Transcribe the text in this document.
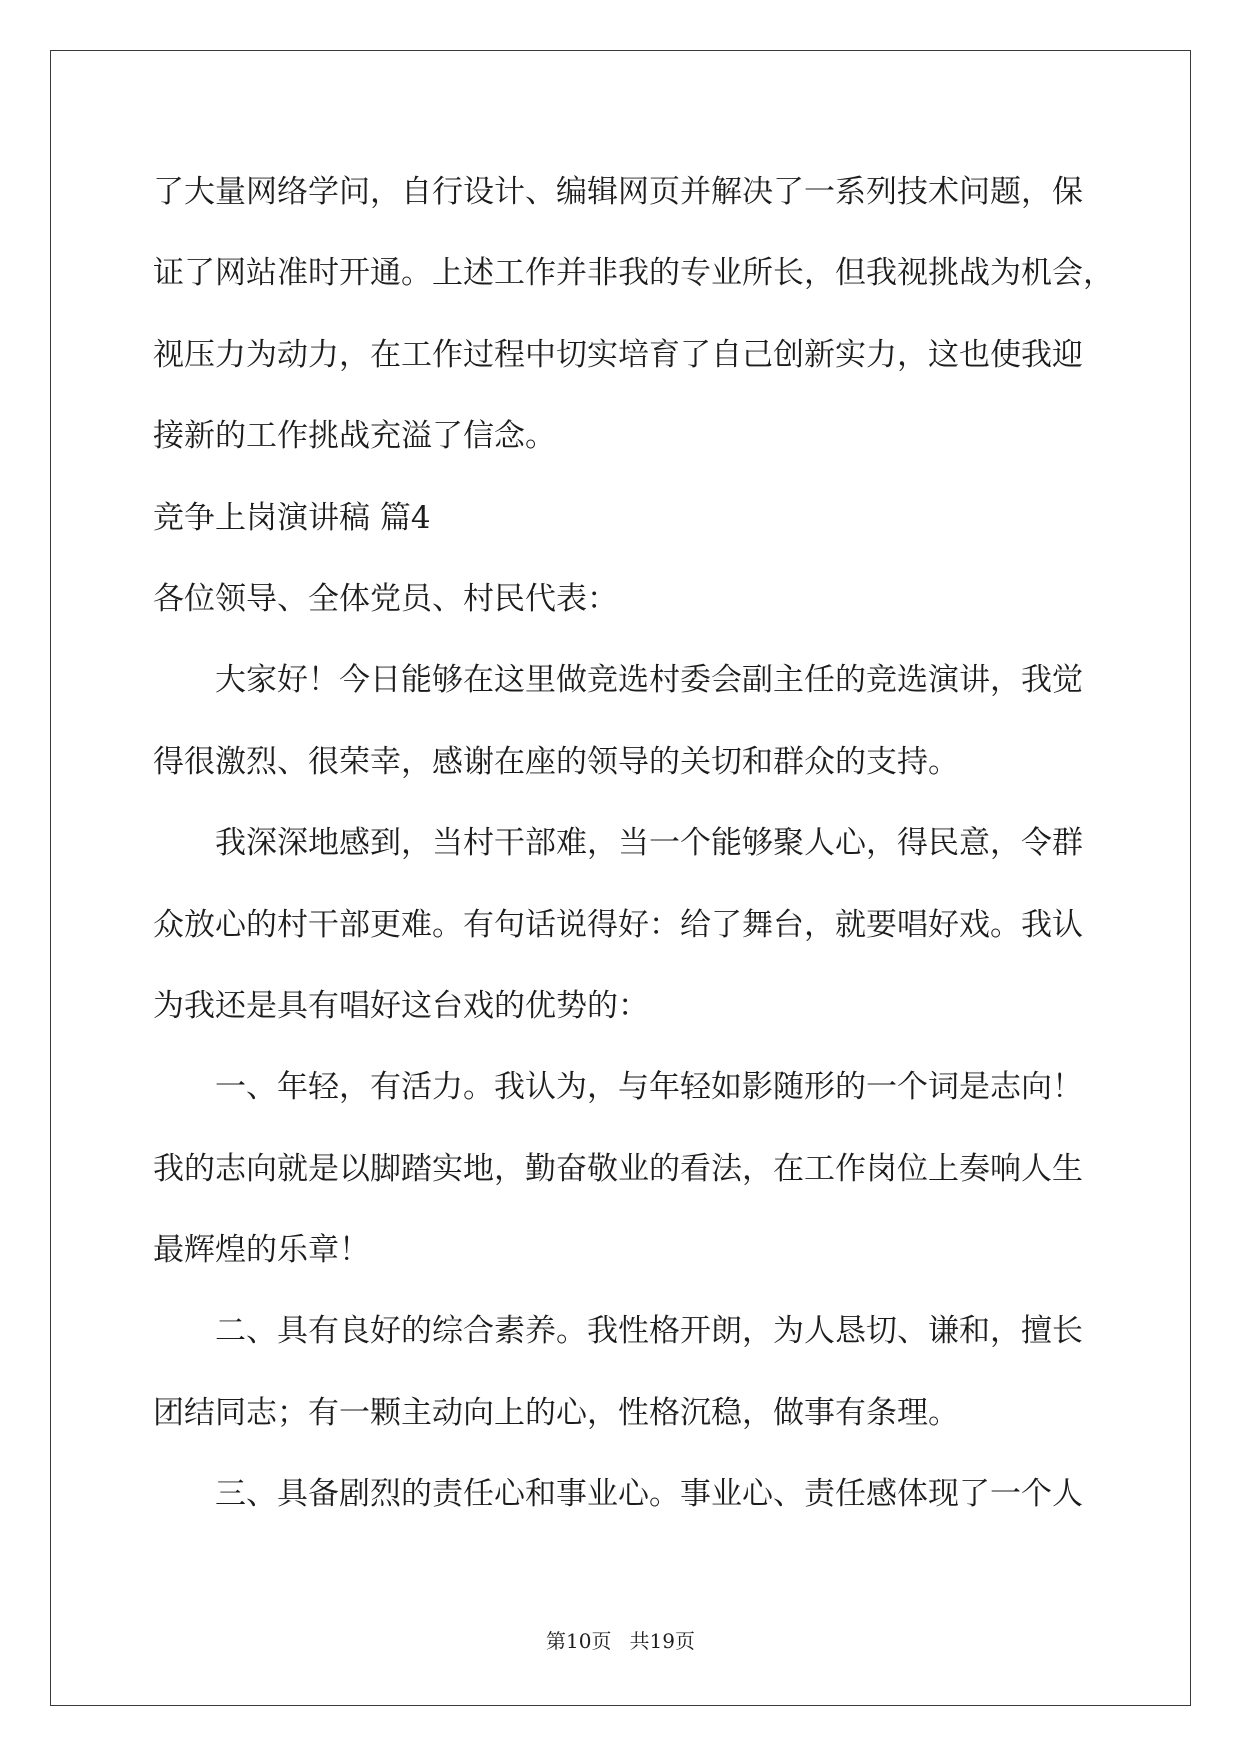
了大量网络学问，自行设计、编辑网页并解决了一系列技术问题，保
证了网站准时开通。上述工作并非我的专业所长，但我视挑战为机会，
视压力为动力，在工作过程中切实培育了自己创新实力，这也使我迎
接新的工作挑战充溢了信念。
竞争上岗演讲稿 篇4
各位领导、全体党员、村民代表：
大家好！今日能够在这里做竞选村委会副主任的竞选演讲，我觉
得很激烈、很荣幸，感谢在座的领导的关切和群众的支持。
我深深地感到，当村干部难，当一个能够聚人心，得民意，令群
众放心的村干部更难。有句话说得好：给了舞台，就要唱好戏。我认
为我还是具有唱好这台戏的优势的：
一、年轻，有活力。我认为，与年轻如影随形的一个词是志向！
我的志向就是以脚踏实地，勤奋敬业的看法，在工作岗位上奏响人生
最辉煌的乐章！
二、具有良好的综合素养。我性格开朗，为人恳切、谦和，擅长
团结同志；有一颗主动向上的心，性格沉稳，做事有条理。
三、具备剧烈的责任心和事业心。事业心、责任感体现了一个人
第10页 共19页
